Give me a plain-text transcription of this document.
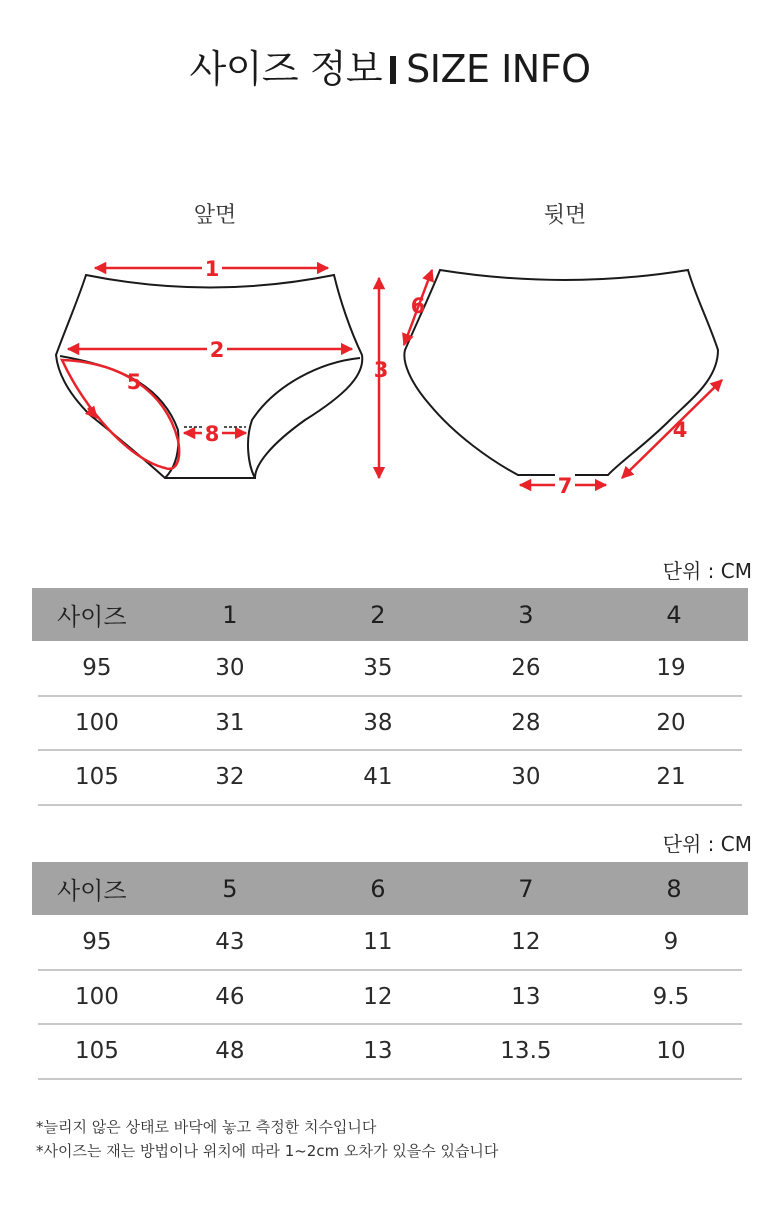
사이즈 정보 SIZE INFO
앞면	뒷면
1
2
3
4
5
6
7
8
단위 : CM
사이즈	1	2	3	4
95	30	35	26	19
100	31	38	28	20
105	32	41	30	21
단위 : CM
사이즈	5	6	7	8
95	43	11	12	9
100	46	12	13	9.5
105	48	13	13.5	10
*늘리지 않은 상태로 바닥에 놓고 측정한 치수입니다
*사이즈는 재는 방법이나 위치에 따라 1~2cm 오차가 있을수 있습니다
